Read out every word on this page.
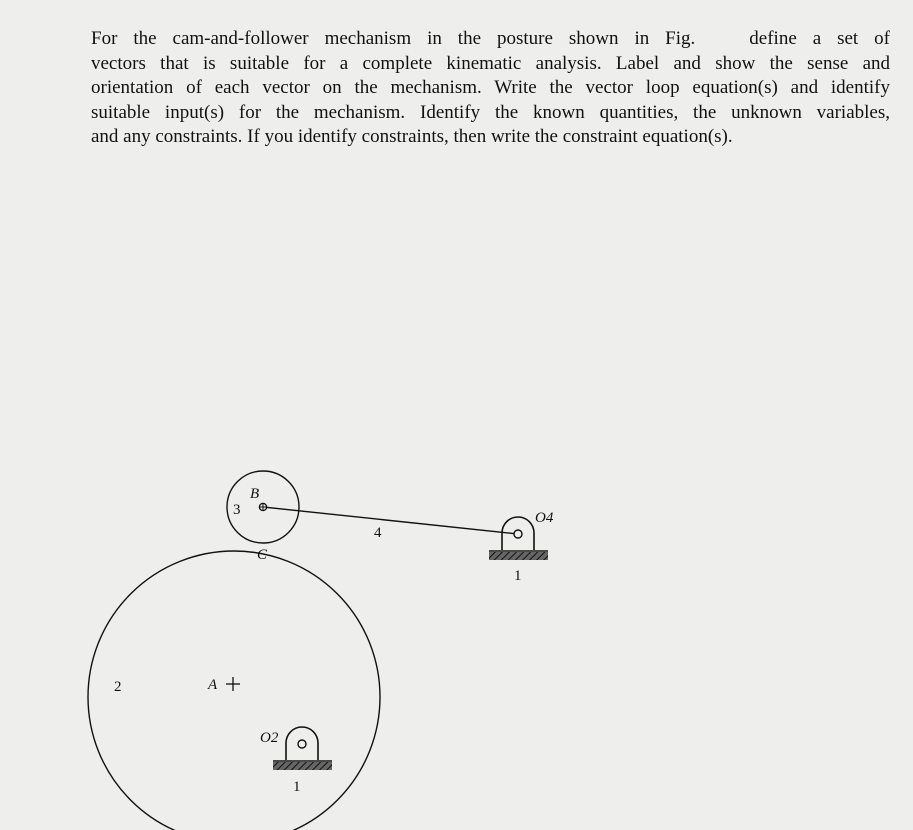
For the cam-and-follower mechanism in the posture shown in Fig.	define a set of
vectors that is suitable for a complete kinematic analysis. Label and show the sense and
orientation of each vector on the mechanism. Write the vector loop equation(s) and identify
suitable input(s) for the mechanism. Identify the known quantities, the unknown variables,
and any constraints. If you identify constraints, then write the constraint equation(s).

3
B
C
4
O4
1
2	A
O2
1
